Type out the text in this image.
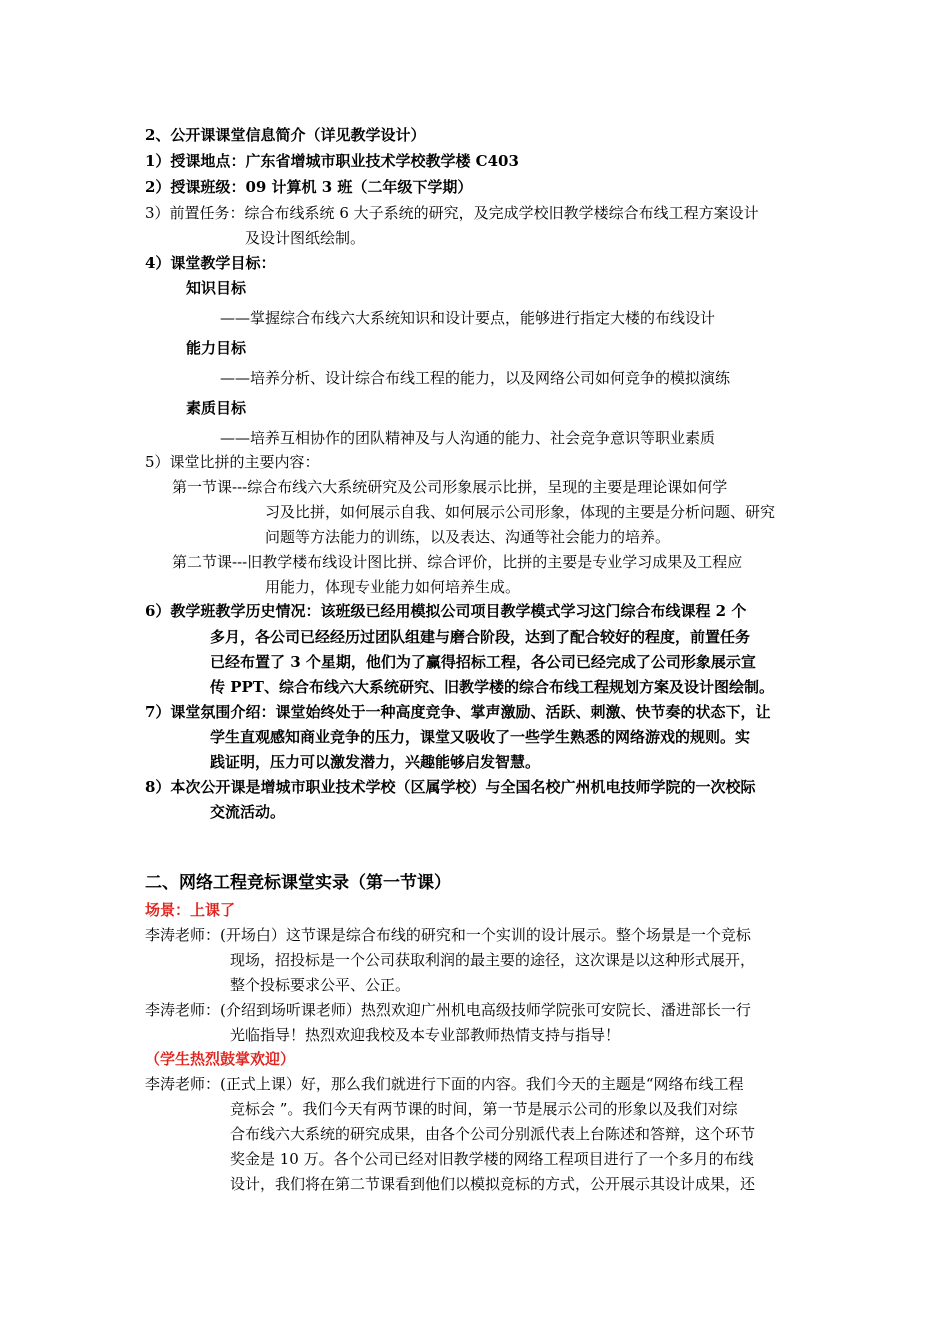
2、公开课课堂信息简介（详见教学设计）
1）授课地点：广东省增城市职业技术学校教学楼 C403
2）授课班级：09 计算机 3 班（二年级下学期）
3）前置任务：综合布线系统 6 大子系统的研究，及完成学校旧教学楼综合布线工程方案设计
及设计图纸绘制。
4）课堂教学目标：
知识目标
——掌握综合布线六大系统知识和设计要点，能够进行指定大楼的布线设计
能力目标
——培养分析、设计综合布线工程的能力，以及网络公司如何竞争的模拟演练
素质目标
——培养互相协作的团队精神及与人沟通的能力、社会竞争意识等职业素质
5）课堂比拼的主要内容：
第一节课---综合布线六大系统研究及公司形象展示比拼，呈现的主要是理论课如何学
习及比拼，如何展示自我、如何展示公司形象，体现的主要是分析问题、研究
问题等方法能力的训练，以及表达、沟通等社会能力的培养。
第二节课---旧教学楼布线设计图比拼、综合评价，比拼的主要是专业学习成果及工程应
用能力，体现专业能力如何培养生成。
6）教学班教学历史情况：该班级已经用模拟公司项目教学模式学习这门综合布线课程 2 个
多月，各公司已经经历过团队组建与磨合阶段，达到了配合较好的程度，前置任务
已经布置了 3 个星期，他们为了赢得招标工程，各公司已经完成了公司形象展示宣
传 PPT、综合布线六大系统研究、旧教学楼的综合布线工程规划方案及设计图绘制。
7）课堂氛围介绍：课堂始终处于一种高度竞争、掌声激励、活跃、刺激、快节奏的状态下，让
学生直观感知商业竞争的压力，课堂又吸收了一些学生熟悉的网络游戏的规则。实
践证明，压力可以激发潜力，兴趣能够启发智慧。
8）本次公开课是增城市职业技术学校（区属学校）与全国名校广州机电技师学院的一次校际
交流活动。
二、网络工程竞标课堂实录（第一节课）
场景：上课了
李涛老师：(开场白）这节课是综合布线的研究和一个实训的设计展示。整个场景是一个竞标
现场，招投标是一个公司获取利润的最主要的途径，这次课是以这种形式展开，
整个投标要求公平、公正。
李涛老师：(介绍到场听课老师）热烈欢迎广州机电高级技师学院张可安院长、潘进部长一行
光临指导！热烈欢迎我校及本专业部教师热情支持与指导！
（学生热烈鼓掌欢迎）
李涛老师：(正式上课）好，那么我们就进行下面的内容。我们今天的主题是“网络布线工程
竞标会 ”。我们今天有两节课的时间，第一节是展示公司的形象以及我们对综
合布线六大系统的研究成果，由各个公司分别派代表上台陈述和答辩，这个环节
奖金是 10 万。各个公司已经对旧教学楼的网络工程项目进行了一个多月的布线
设计，我们将在第二节课看到他们以模拟竞标的方式，公开展示其设计成果，还
